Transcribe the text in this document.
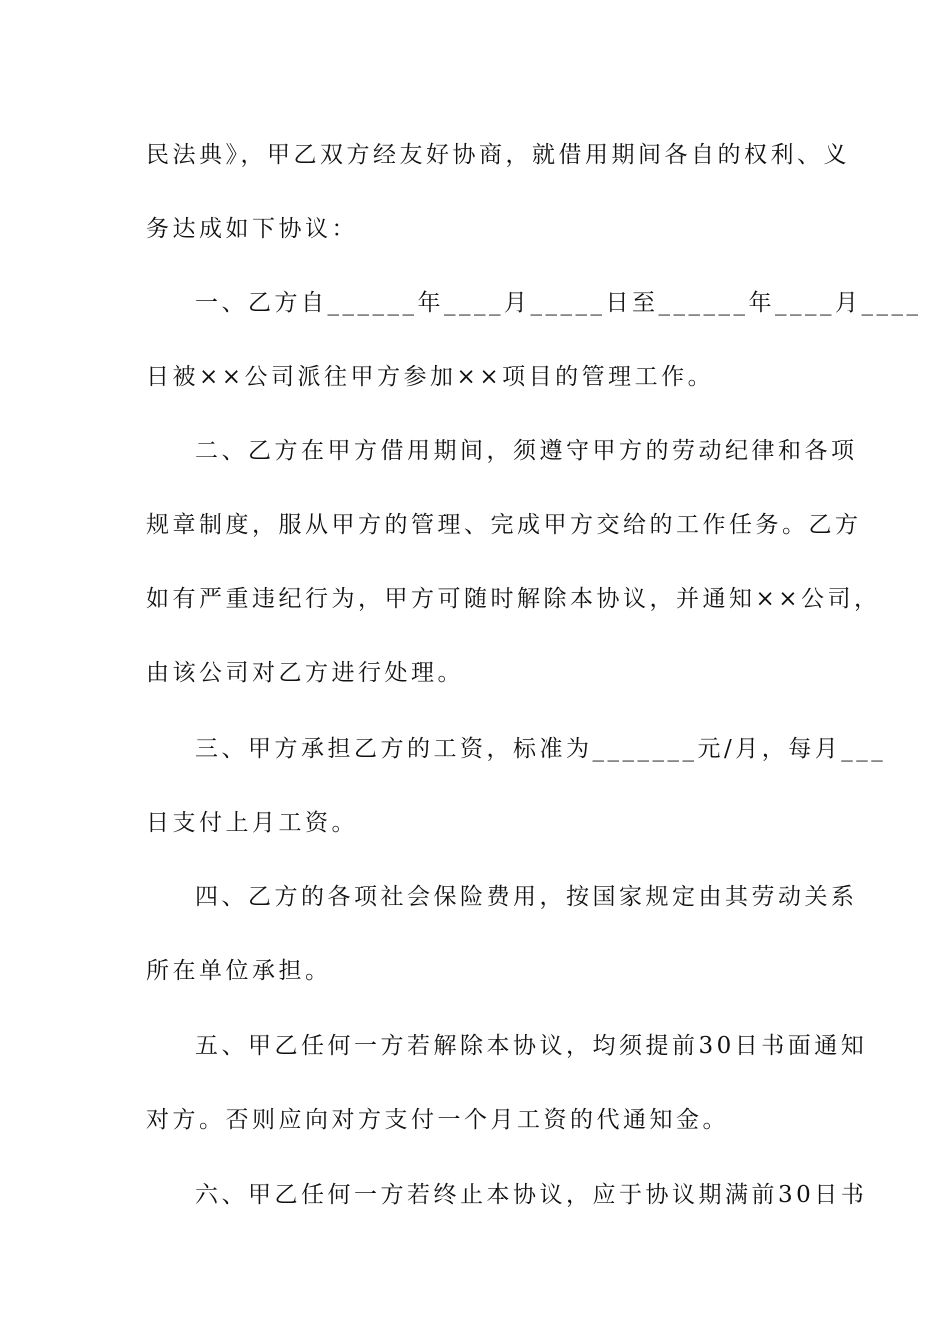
民法典》，甲乙双方经友好协商，就借用期间各自的权利、义
务达成如下协议：
一、乙方自______年____月_____日至______年____月____
日被××公司派往甲方参加××项目的管理工作。
二、乙方在甲方借用期间，须遵守甲方的劳动纪律和各项
规章制度，服从甲方的管理、完成甲方交给的工作任务。乙方
如有严重违纪行为，甲方可随时解除本协议，并通知××公司，
由该公司对乙方进行处理。
三、甲方承担乙方的工资，标准为_______元/月，每月___
日支付上月工资。
四、乙方的各项社会保险费用，按国家规定由其劳动关系
所在单位承担。
五、甲乙任何一方若解除本协议，均须提前30日书面通知
对方。否则应向对方支付一个月工资的代通知金。
六、甲乙任何一方若终止本协议，应于协议期满前30日书
